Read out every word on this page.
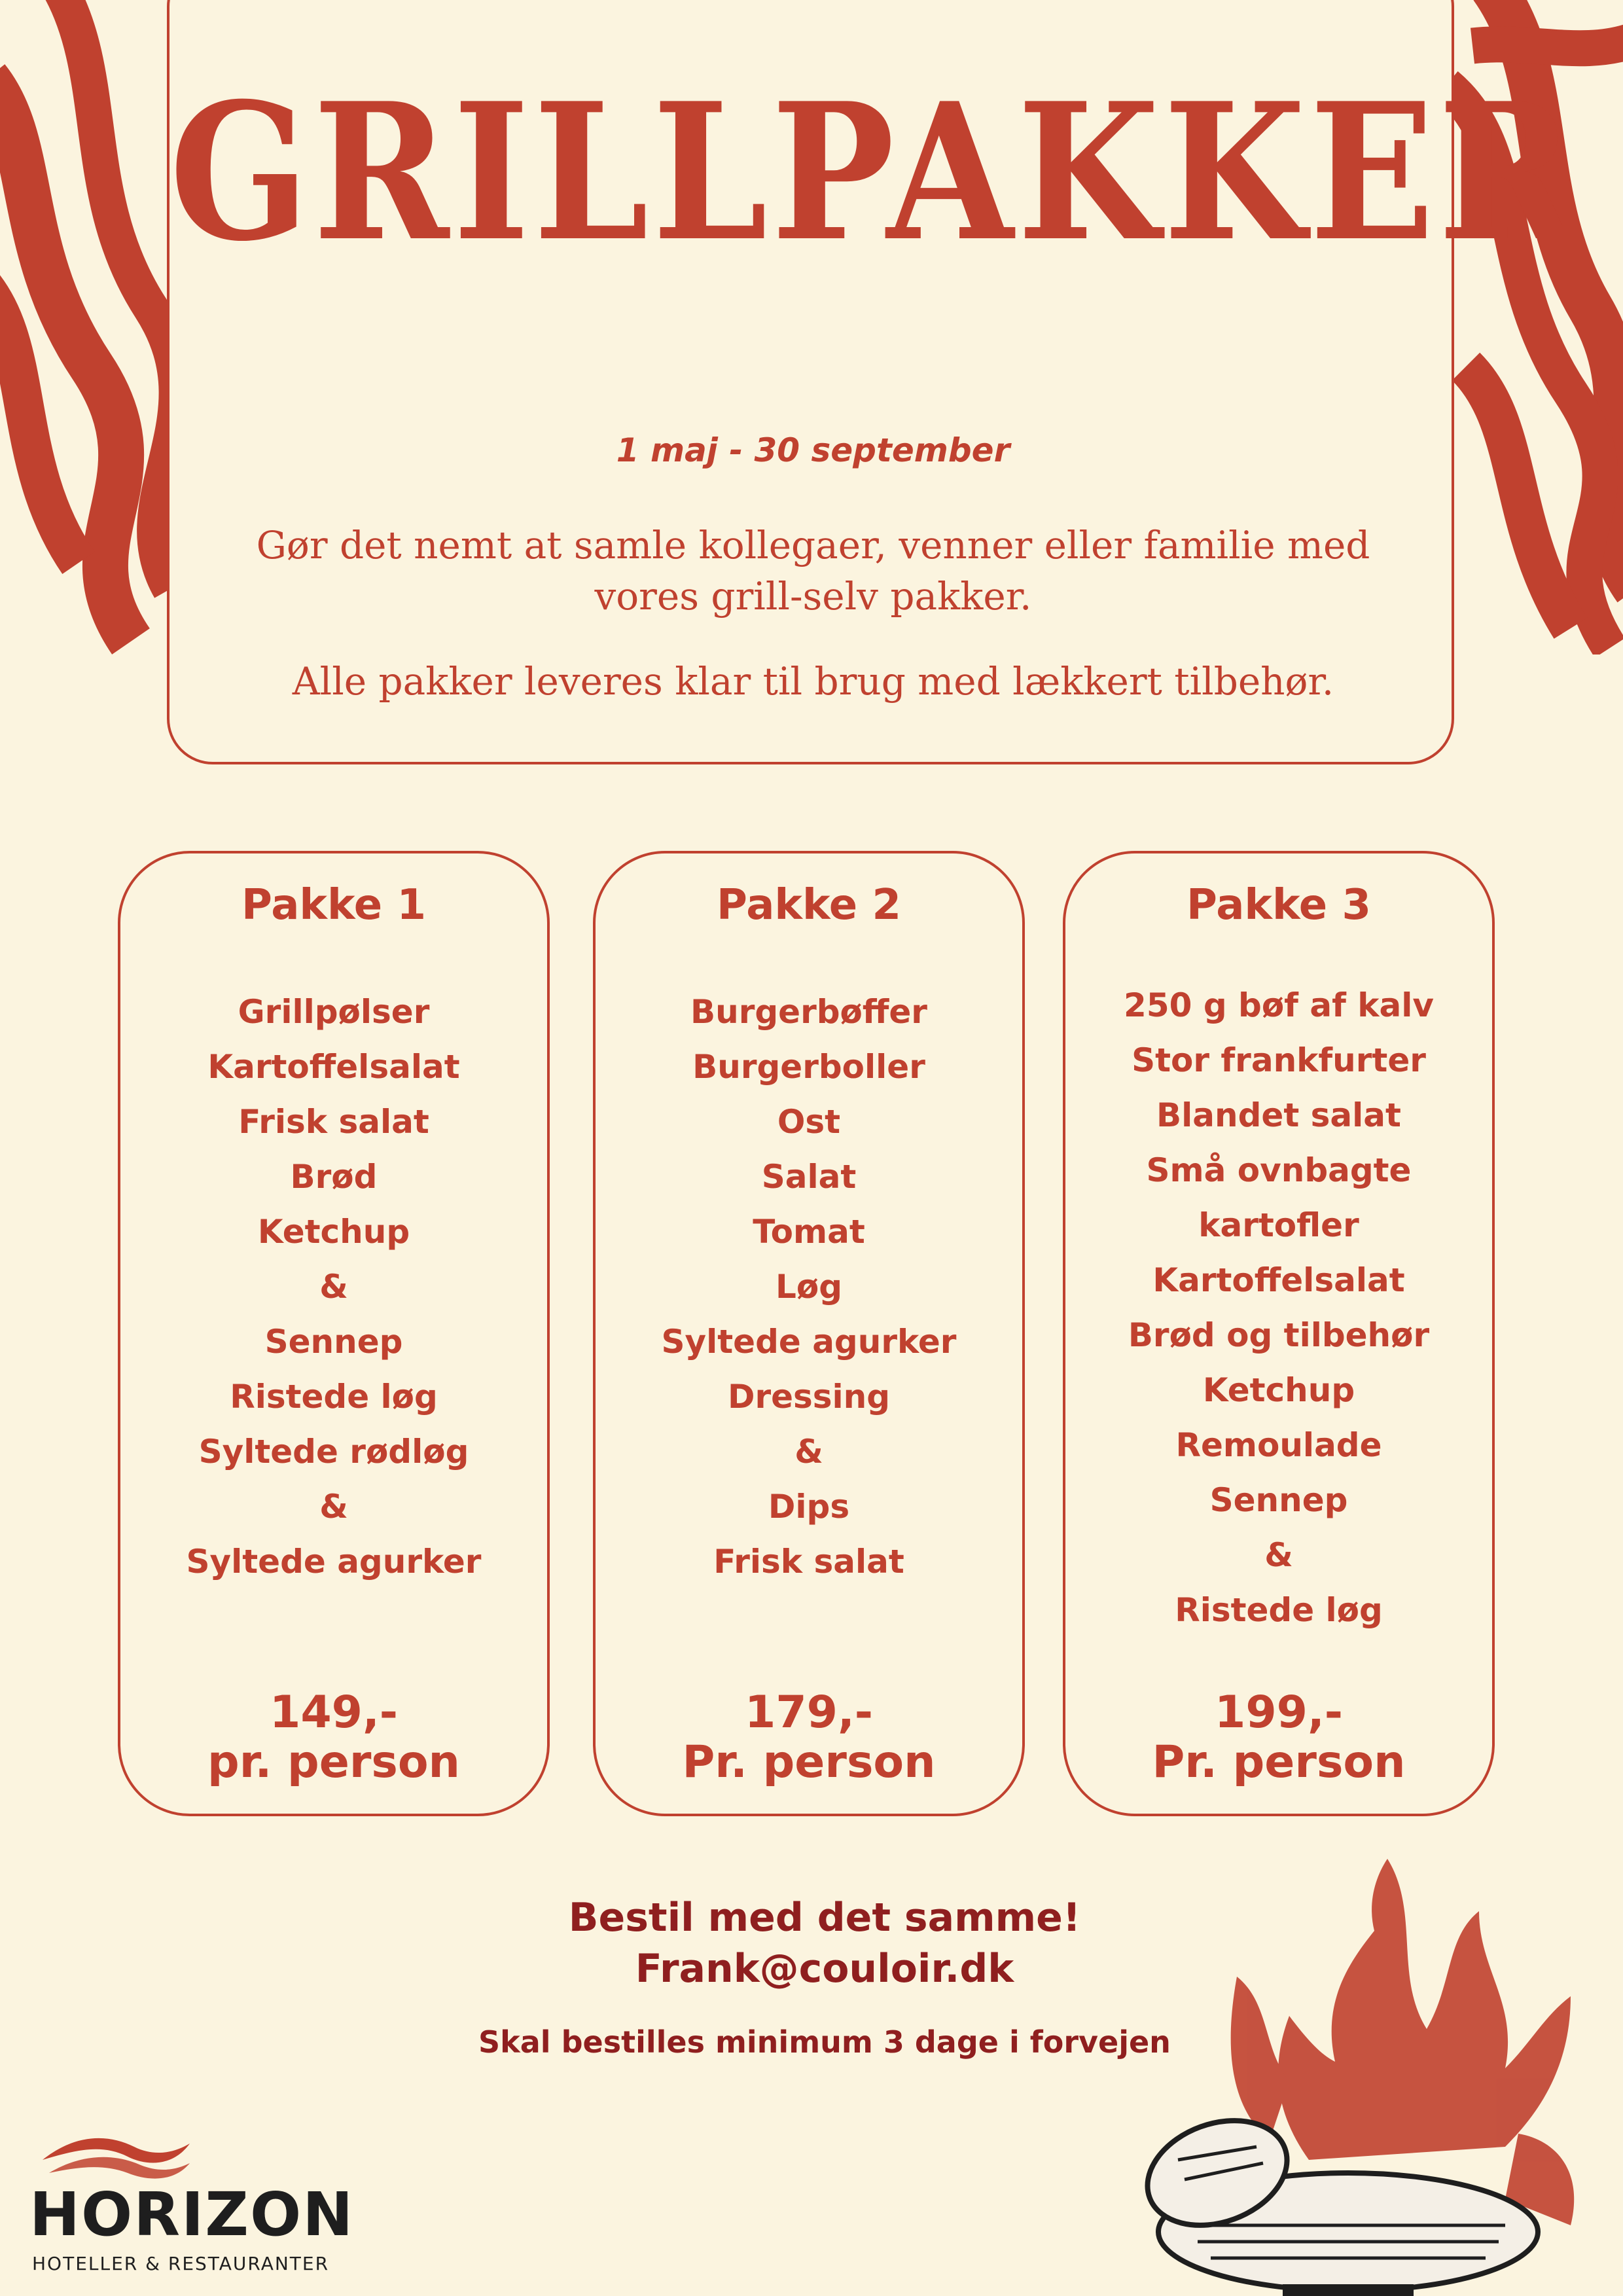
GRILLPAKKER
1 maj - 30 september
Gør det nemt at samle kollegaer, venner eller familie med
vores grill-selv pakker.
Alle pakker leveres klar til brug med lækkert tilbehør.
Pakke 1
Grillpølser
Kartoffelsalat
Frisk salat
Brød
Ketchup
&
Sennep
Ristede løg
Syltede rødløg
&
Syltede agurker
149,-
pr. person
Pakke 2
Burgerbøffer
Burgerboller
Ost
Salat
Tomat
Løg
Syltede agurker
Dressing
&
Dips
Frisk salat
179,-
Pr. person
Pakke 3
250 g bøf af kalv
Stor frankfurter
Blandet salat
Små ovnbagte
kartofler
Kartoffelsalat
Brød og tilbehør
Ketchup
Remoulade
Sennep
&
Ristede løg
199,-
Pr. person
Bestil med det samme!
Frank@couloir.dk
Skal bestilles minimum 3 dage i forvejen
HORIZON
HOTELLER & RESTAURANTER
